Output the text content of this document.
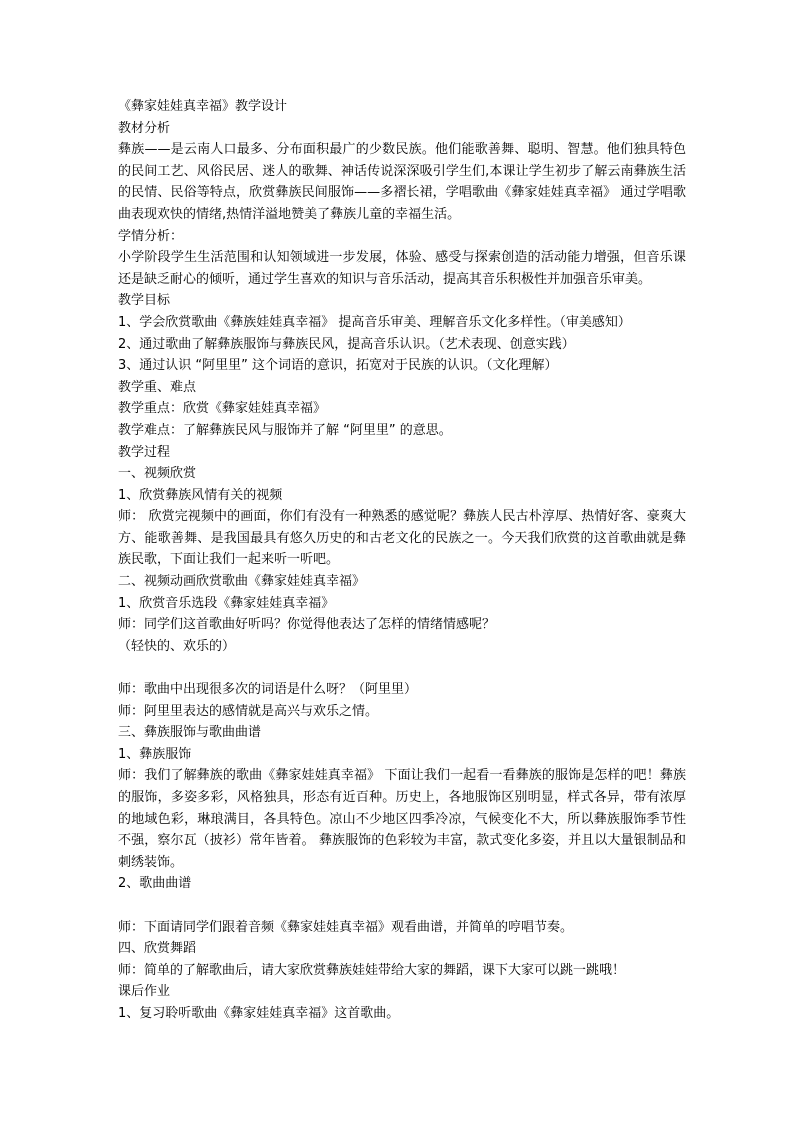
《彝家娃娃真幸福》教学设计

教材分析

彝族——是云南人口最多、分布面积最广的少数民族。他们能歌善舞、聪明、智慧。他们独具特色的民间工艺、风俗民居、迷人的歌舞、神话传说深深吸引学生们,本课让学生初步了解云南彝族生活的民情、民俗等特点，欣赏彝族民间服饰——多褶长裙，学唱歌曲《彝家娃娃真幸福》 通过学唱歌曲表现欢快的情绪,热情洋溢地赞美了彝族儿童的幸福生活。

学情分析：

小学阶段学生生活范围和认知领域进一步发展，体验、感受与探索创造的活动能力增强，但音乐课还是缺乏耐心的倾听，通过学生喜欢的知识与音乐活动，提高其音乐积极性并加强音乐审美。

教学目标

1、学会欣赏歌曲《彝族娃娃真幸福》 提高音乐审美、理解音乐文化多样性。（审美感知）

2、通过歌曲了解彝族服饰与彝族民风，提高音乐认识。（艺术表现、创意实践）

3、通过认识 “阿里里” 这个词语的意识，拓宽对于民族的认识。（文化理解）

教学重、难点

教学重点：欣赏《彝家娃娃真幸福》

教学难点：了解彝族民风与服饰并了解 “阿里里” 的意思。

教学过程

一、视频欣赏

1、欣赏彝族风情有关的视频

师： 欣赏完视频中的画面，你们有没有一种熟悉的感觉呢？彝族人民古朴淳厚、热情好客、豪爽大方、能歌善舞、是我国最具有悠久历史的和古老文化的民族之一。今天我们欣赏的这首歌曲就是彝族民歌，下面让我们一起来听一听吧。

二、视频动画欣赏歌曲《彝家娃娃真幸福》

1、欣赏音乐选段《彝家娃娃真幸福》

师：同学们这首歌曲好听吗？你觉得他表达了怎样的情绪情感呢？

（轻快的、欢乐的）

师：歌曲中出现很多次的词语是什么呀？（阿里里）

师：阿里里表达的感情就是高兴与欢乐之情。

三、彝族服饰与歌曲曲谱

1、彝族服饰

师：我们了解彝族的歌曲《彝家娃娃真幸福》 下面让我们一起看一看彝族的服饰是怎样的吧！彝族的服饰，多姿多彩，风格独具，形态有近百种。历史上，各地服饰区别明显，样式各异，带有浓厚的地域色彩，琳琅满目，各具特色。凉山不少地区四季冷凉，气候变化不大，所以彝族服饰季节性不强，察尔瓦（披衫）常年皆着。 彝族服饰的色彩较为丰富，款式变化多姿，并且以大量银制品和刺绣装饰。

2、歌曲曲谱

师：下面请同学们跟着音频《彝家娃娃真幸福》观看曲谱，并简单的哼唱节奏。

四、欣赏舞蹈

师：简单的了解歌曲后，请大家欣赏彝族娃娃带给大家的舞蹈，课下大家可以跳一跳哦！

课后作业

1、复习聆听歌曲《彝家娃娃真幸福》这首歌曲。
